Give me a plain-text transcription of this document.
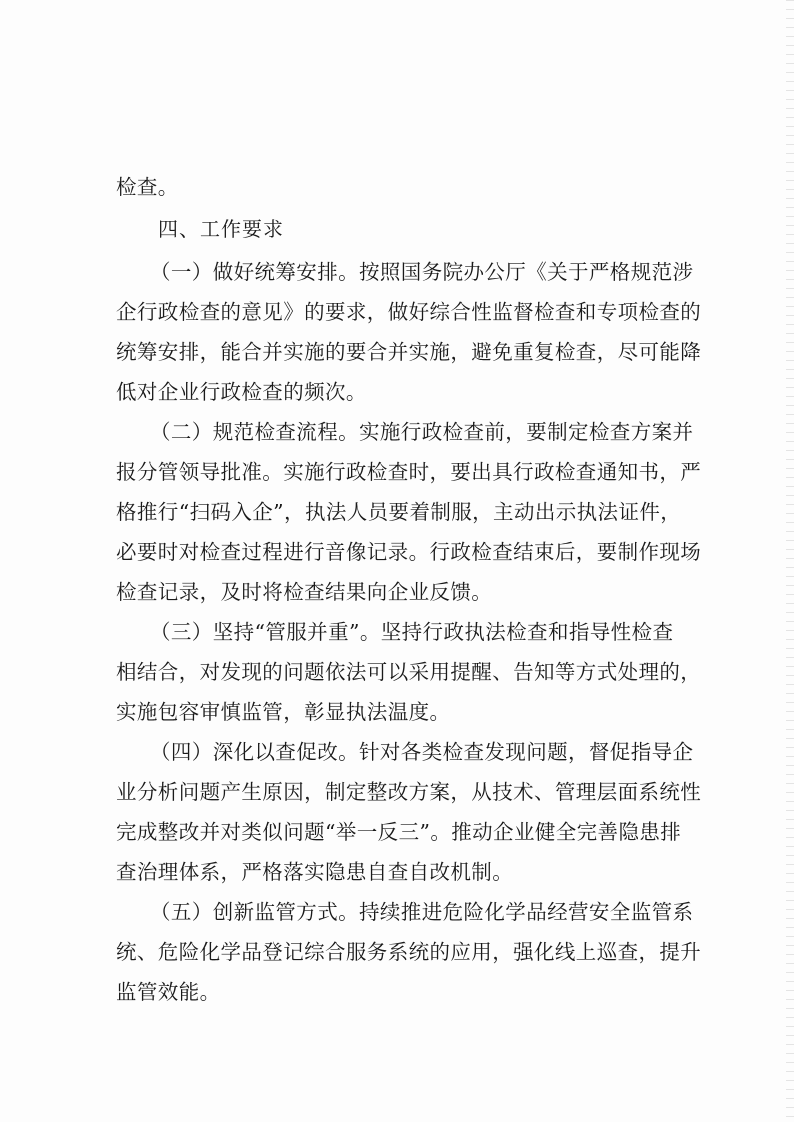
检查。
四、工作要求
（一）做好统筹安排。按照国务院办公厅《关于严格规范涉
企行政检查的意见》的要求，做好综合性监督检查和专项检查的
统筹安排，能合并实施的要合并实施，避免重复检查，尽可能降
低对企业行政检查的频次。
（二）规范检查流程。实施行政检查前，要制定检查方案并
报分管领导批准。实施行政检查时，要出具行政检查通知书，严
格推行“扫码入企”，执法人员要着制服，主动出示执法证件，
必要时对检查过程进行音像记录。行政检查结束后，要制作现场
检查记录，及时将检查结果向企业反馈。
（三）坚持“管服并重”。坚持行政执法检查和指导性检查
相结合，对发现的问题依法可以采用提醒、告知等方式处理的，
实施包容审慎监管，彰显执法温度。
（四）深化以查促改。针对各类检查发现问题，督促指导企
业分析问题产生原因，制定整改方案，从技术、管理层面系统性
完成整改并对类似问题“举一反三”。推动企业健全完善隐患排
查治理体系，严格落实隐患自查自改机制。
（五）创新监管方式。持续推进危险化学品经营安全监管系
统、危险化学品登记综合服务系统的应用，强化线上巡查，提升
监管效能。
